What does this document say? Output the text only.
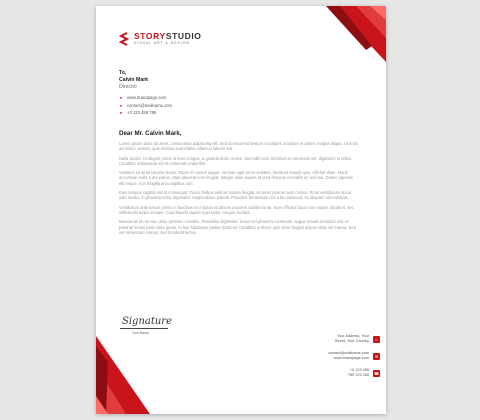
STORYSTUDIO
VISUAL ART & DESIGN
To,
Calvin Mark
Director
● www.brandpage.com
● contact@mailname.com
● +0 123 456 789
Dear Mr. Calvin Mark,

Lorem ipsum dolor sit amet, consectetur adipiscing elit. Sed do eiusmod tempor incididunt ut labore et dolore magna aliqua. Ut enim ad minim veniam, quis nostrud exercitation ullamco laboris nisi.

Nulla facilisi. Ut aliquet purus ut eros congue, a gravida dolor ornare. Sed nibh erat, tincidunt at commodo vel, dignissim et tellus. Curabitur malesuada est et commodo imperdiet.

Vivamus sit amet lobortis lectus. Etiam et cursus augue. Aenean eget tortor sodales, tincidunt mauris quis, efficitur diam. Morbi accumsan nulla a dui varius, vitae placerat sem feugiat. Integer vitae sapien at urna rhoncus convallis ac sed nisi. Donec egestas elit neque, non fringilla arcu dapibus non.

Duis tempus sagittis nisi id consequat. Fusce finibus velit ac massa feugiat, sit amet viverra nunc cursus. Proin vestibulum dui at odio iaculis, in pharetra tortor imperdiet. Suspendisse potenti. Praesent fermentum nisi a leo euismod, eu aliquam nisl volutpat.

Vestibulum ante ipsum primis in faucibus orci luctus et ultrices posuere cubilia curae; Nam efficitur lacus non mauris tincidunt, nec sollicitudin turpis semper. Cras blandit sapien eget tortor congue facilisis.

Maecenas id nisi nec dolor pretium convallis. Phasellus dignissim, lectus vel pharetra commodo, augue mauris tincidunt nisi, et pulvinar lectus justo vitae quam. In hac habitasse platea dictumst. Curabitur in libero quis dolor feugiat aliquet vitae vel massa. Sed vel elementum metus, sed hendrerit lectus.

Signature
Your Name
Your Address, Your
Street, Your Country	⌂
contact@mailname.com
www.brandpage.com	✉
+0 123 456
789 123 456 ☎
